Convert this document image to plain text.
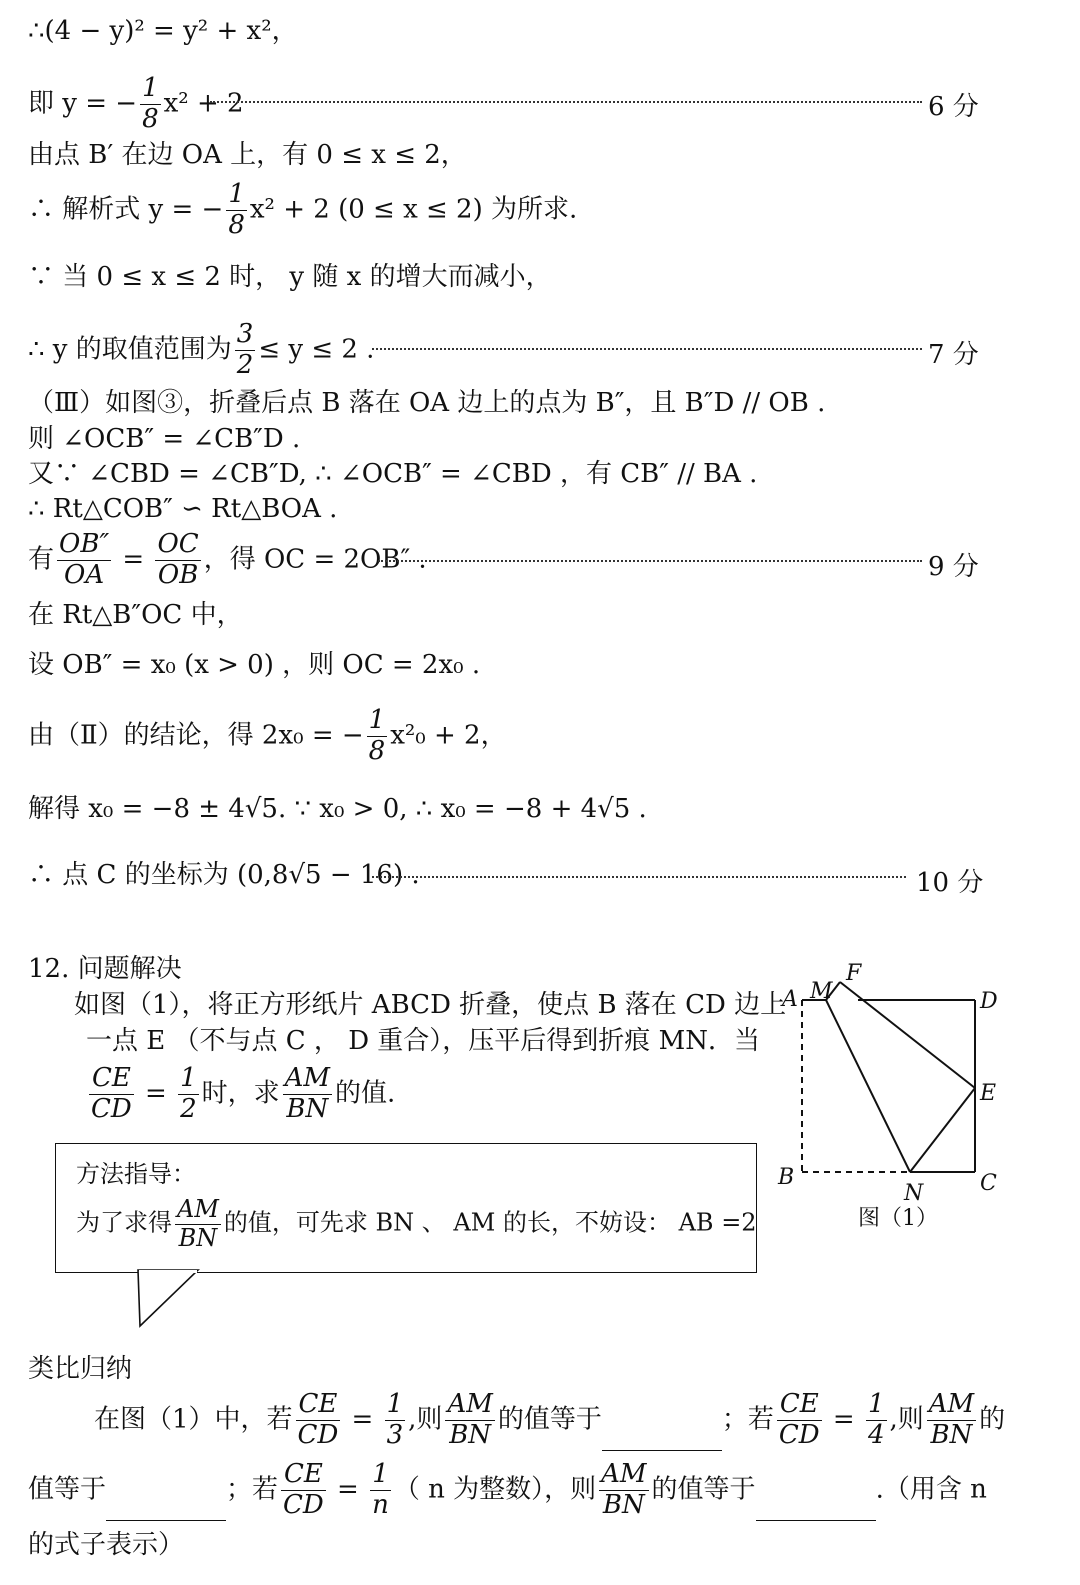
∴(4 − y)² = y² + x²，
即 y = − $\frac{1}{8} x^2 + 2$	6 分
由点 B′ 在边 OA 上，有 0 ≤ x ≤ 2，
∴ 解析式 y = − $\frac{1}{8} x^2 + 2$ (0 ≤ x ≤ 2) 为所求.
∵ 当 0 ≤ x ≤ 2 时， y 随 x 的增大而减小，
∴ y 的取值范围为 $\frac{3}{2} \le y \le 2$ .	7 分
（Ⅲ）如图③，折叠后点 B 落在 OA 边上的点为 B″，且 B″D // OB .
则 ∠OCB″ = ∠CB″D .
又∵ ∠CBD = ∠CB″D, ∴ ∠OCB″ = ∠CBD ，有 CB″ // BA .
∴ Rt△COB″ ∽ Rt△BOA .
有 $\frac{OB''}{OA} = \frac{OC}{OB}$ ，得 OC = 2OB″ .	9 分
在 Rt△B″OC 中，
设 OB″ = x₀ (x > 0) ，则 OC = 2x₀ .
由（Ⅱ）的结论，得 2x₀ = − $\frac{1}{8} x^2_0 + 2$，
解得 x₀ = −8 ± 4√5. ∵ x₀ > 0, ∴ x₀ = −8 + 4√5 .
∴ 点 C 的坐标为 (0,8√5 − 16) .	10 分
12. 问题解决
如图（1），将正方形纸片 ABCD 折叠，使点 B 落在 CD 边上
一点 E （不与点 C ， D 重合），压平后得到折痕 MN．当
$\frac{CE}{CD} = \frac{1}{2}$ 时，求 $\frac{AM}{BN}$ 的值.
方法指导：
为了求得 $\frac{AM}{BN}$ 的值，可先求 BN 、 AM 的长，不妨设： AB =2
A M
F
D
E
B
N	C
图（1）
类比归纳
在图（1）中，若 $\frac{CE}{CD} = \frac{1}{3}$ ,则 $\frac{AM}{BN}$ 的值等于	；若 $\frac{CE}{CD} = \frac{1}{4}$ ,则 $\frac{AM}{BN}$ 的
值等于	；若 $\frac{CE}{CD} = \frac{1}{n}$ （ n 为整数），则 $\frac{AM}{BN}$ 的值等于	.（用含 n
的式子表示）
